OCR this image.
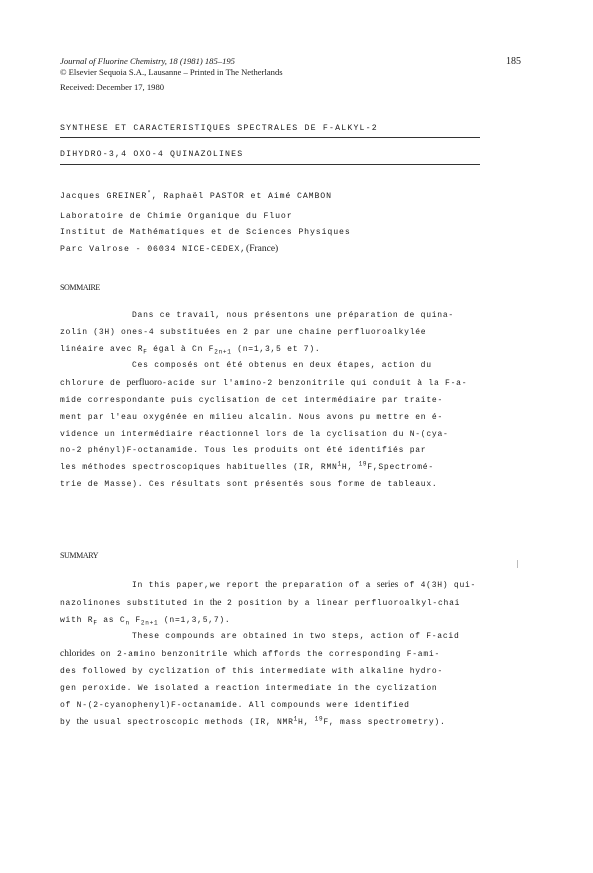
Journal of Fluorine Chemistry, 18 (1981) 185–195
© Elsevier Sequoia S.A., Lausanne – Printed in The Netherlands
Received: December 17, 1980
185
SYNTHESE ET CARACTERISTIQUES SPECTRALES DE F-ALKYL-2
DIHYDRO-3,4 OXO-4 QUINAZOLINES
Jacques GREINER*, Raphaël PASTOR et Aimé CAMBON
Laboratoire de Chimie Organique du Fluor
Institut de Mathématiques et de Sciences Physiques
Parc Valrose - 06034 NICE-CEDEX,(France)
SOMMAIRE

Dans ce travail, nous présentons une préparation de quina-

zolin (3H) ones-4 substituées en 2 par une chaine perfluoroalkylée

linéaire avec $R_F$ égal à Cn $F_{2n+1}$ (n=1,3,5 et 7).

Ces composés ont été obtenus en deux étapes, action du

chlorure de perfluoro-acide sur l'amino-2 benzonitrile qui conduit à la F-a-

mide correspondante puis cyclisation de cet intermédiaire par traite-

ment par l'eau oxygénée en milieu alcalin. Nous avons pu mettre en é-

vidence un intermédiaire réactionnel lors de la cyclisation du N-(cya-

no-2 phényl)F-octanamide. Tous les produits ont été identifiés par

les méthodes spectroscopiques habituelles (IR, RMN$^1$H, $^{19}$F,Spectromé-

trie de Masse). Ces résultats sont présentés sous forme de tableaux.

SUMMARY

In this paper,we report the preparation of a series of 4(3H) qui-

nazolinones substituted in the 2 position by a linear perfluoroalkyl-chai

with $R_F$ as $C_n$ $F_{2n+1}$ (n=1,3,5,7).

These compounds are obtained in two steps, action of F-acid

chlorides on 2-amino benzonitrile which affords the corresponding F-ami-

des followed by cyclization of this intermediate with alkaline hydro-

gen peroxide. We isolated a reaction intermediate in the cyclization

of N-(2-cyanophenyl)F-octanamide. All compounds were identified

by the usual spectroscopic methods (IR, NMR$^1$H, $^{19}$F, mass spectrometry).
